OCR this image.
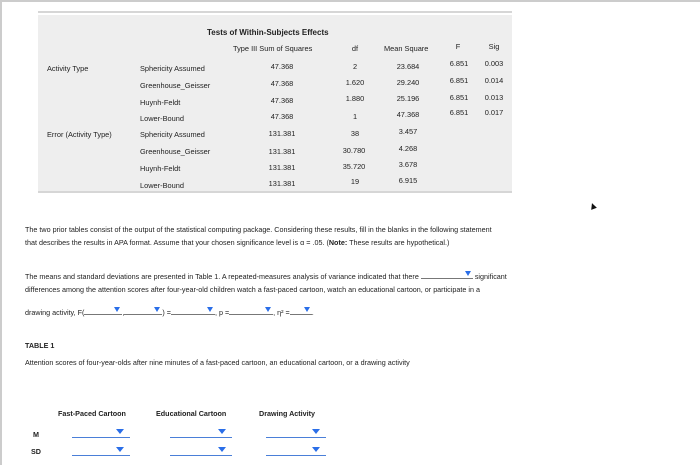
Tests of Within-Subjects Effects
Type III Sum of Squares	df	Mean Square	F	Sig
Activity Type	Sphericity Assumed	47.368	2	23.684	6.851	0.003
Greenhouse_Geisser	47.368	1.620	29.240	6.851	0.014
Huynh-Feldt	47.368	1.880	25.196	6.851	0.013
Lower-Bound	47.368	1	47.368	6.851	0.017
Error (Activity Type)	Sphericity Assumed	131.381	38	3.457
Greenhouse_Geisser	131.381	30.780	4.268
Huynh-Feldt	131.381	35.720	3.678
Lower-Bound	131.381	19	6.915
The two prior tables consist of the output of the statistical computing package. Considering these results, fill in the blanks in the following statement
that describes the results in APA format. Assume that your chosen significance level is α = .05. (Note: These results are hypothetical.)
The means and standard deviations are presented in Table 1. A repeated-measures analysis of variance indicated that there	significant
differences among the attention scores after four-year-old children watch a fast-paced cartoon, watch an educational cartoon, or participate in a
drawing activity, F(	,	) =	, p =	, η² =	.
TABLE 1
Attention scores of four-year-olds after nine minutes of a fast-paced cartoon, an educational cartoon, or a drawing activity
Fast-Paced Cartoon	Educational Cartoon	Drawing Activity
M
SD
